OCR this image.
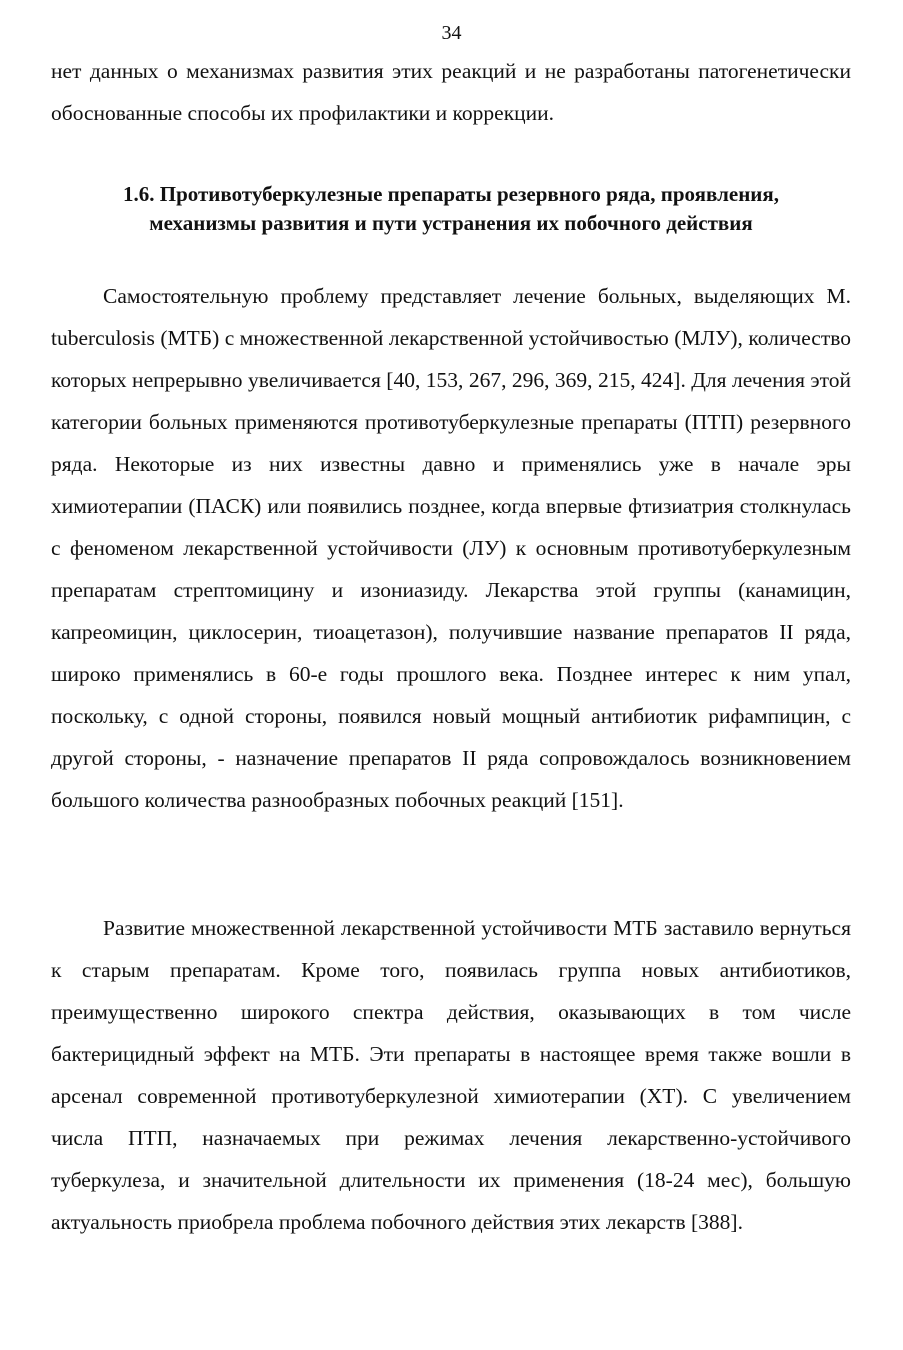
34

нет данных о механизмах развития этих реакций и не разработаны патогенетически обоснованные способы их профилактики и коррекции.

1.6. Противотуберкулезные препараты резервного ряда, проявления,
механизмы развития и пути устранения их побочного действия

Самостоятельную проблему представляет лечение больных, выделяющих M. tuberculosis (МТБ) с множественной лекарственной устойчивостью (МЛУ), количество которых непрерывно увеличивается [40, 153, 267, 296, 369, 215, 424]. Для лечения этой категории больных применяются противотуберкулезные препараты (ПТП) резервного ряда. Некоторые из них известны давно и применялись уже в начале эры химиотерапии (ПАСК) или появились позднее, когда впервые фтизиатрия столкнулась с феноменом лекарственной устойчивости (ЛУ) к основным противотуберкулезным препаратам стрептомицину и изониазиду. Лекарства этой группы (канамицин, капреомицин, циклосерин, тиоацетазон), получившие название препаратов II ряда, широко применялись в 60-е годы прошлого века. Позднее интерес к ним упал, поскольку, с одной стороны, появился новый мощный антибиотик рифампицин, с другой стороны, - назначение препаратов II ряда сопровождалось возникновением большого количества разнообразных побочных реакций [151].

Развитие множественной лекарственной устойчивости МТБ заставило вернуться к старым препаратам. Кроме того, появилась группа новых антибиотиков, преимущественно широкого спектра действия, оказывающих в том числе бактерицидный эффект на МТБ. Эти препараты в настоящее время также вошли в арсенал современной противотуберкулезной химиотерапии (ХТ). С увеличением числа ПТП, назначаемых при режимах лечения лекарственно-устойчивого туберкулеза, и значительной длительности их применения (18-24 мес), большую актуальность приобрела проблема побочного действия этих лекарств [388].
